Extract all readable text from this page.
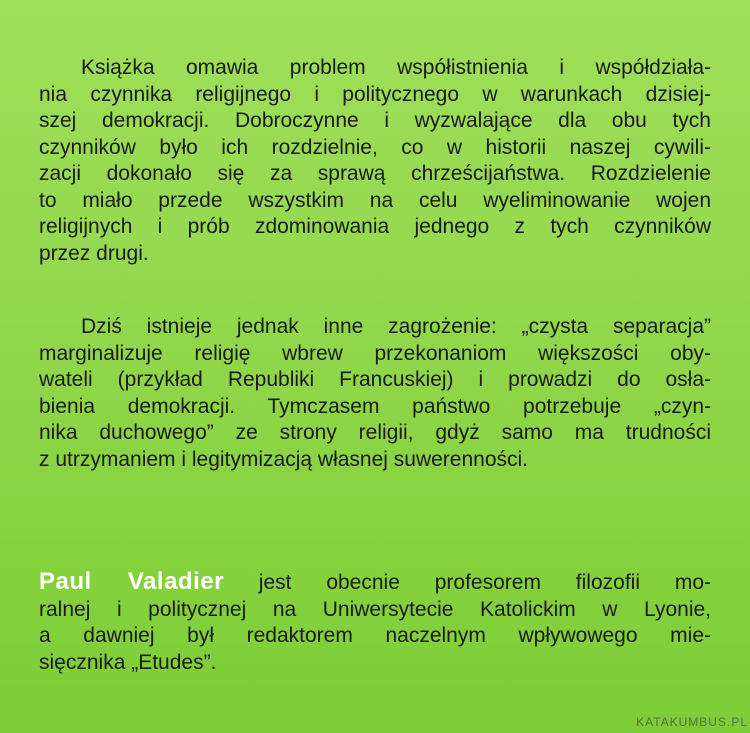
Książka omawia problem współistnienia i współdziała-
nia czynnika religijnego i politycznego w warunkach dzisiej-
szej demokracji. Dobroczynne i wyzwalające dla obu tych
czynników było ich rozdzielnie, co w historii naszej cywili-
zacji dokonało się za sprawą chrześcijaństwa. Rozdzielenie
to miało przede wszystkim na celu wyeliminowanie wojen
religijnych i prób zdominowania jednego z tych czynników
przez drugi.
Dziś istnieje jednak inne zagrożenie: „czysta separacja”
marginalizuje religię wbrew przekonaniom większości oby-
wateli (przykład Republiki Francuskiej) i prowadzi do osła-
bienia demokracji. Tymczasem państwo potrzebuje „czyn-
nika duchowego” ze strony religii, gdyż samo ma trudności
z utrzymaniem i legitymizacją własnej suwerenności.
Paul Valadier jest obecnie profesorem filozofii mo-
ralnej i politycznej na Uniwersytecie Katolickim w Lyonie,
a dawniej był redaktorem naczelnym wpływowego mie-
sięcznika „Etudes”.
KATAKUMBUS.PL
